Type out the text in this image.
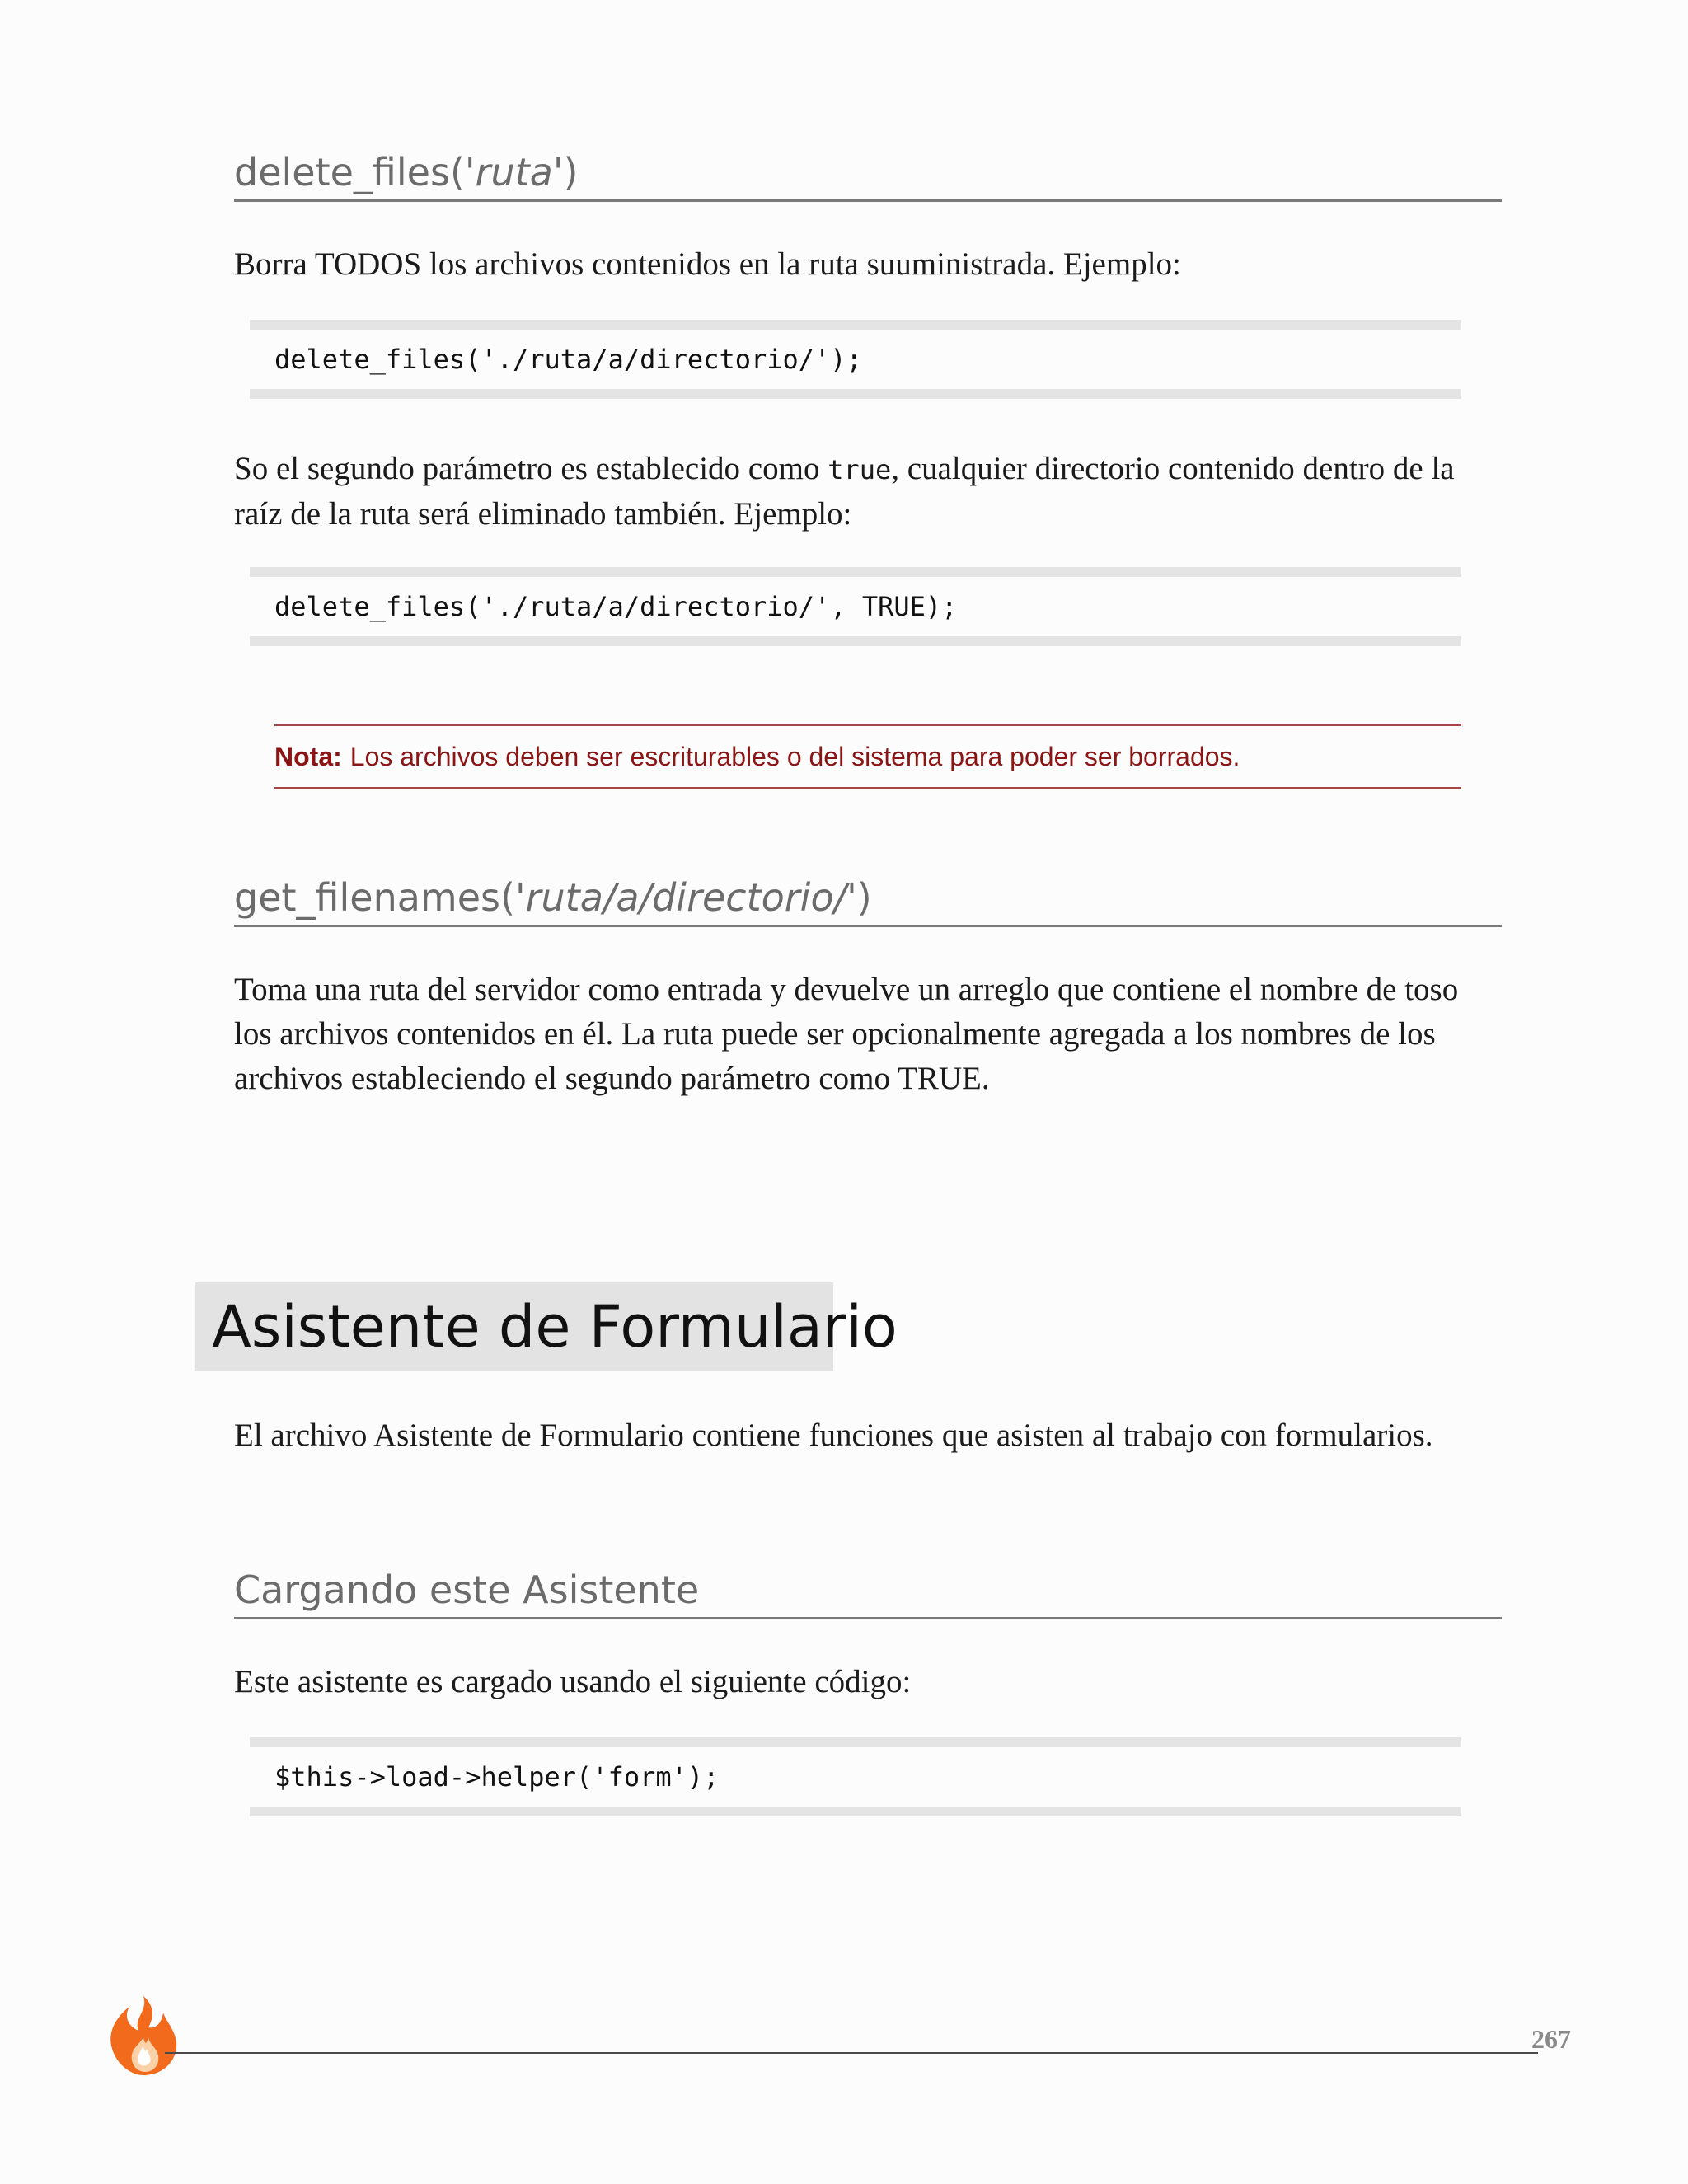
delete_files('ruta')
Borra TODOS los archivos contenidos en la ruta suuministrada. Ejemplo:
delete_files('./ruta/a/directorio/');
So el segundo parámetro es establecido como true, cualquier directorio contenido dentro de la raíz de la ruta será eliminado también. Ejemplo:
delete_files('./ruta/a/directorio/', TRUE);
Nota: Los archivos deben ser escriturables o del sistema para poder ser borrados.
get_filenames('ruta/a/directorio/')
Toma una ruta del servidor como entrada y devuelve un arreglo que contiene el nombre de toso los archivos contenidos en él. La ruta puede ser opcionalmente agregada a los nombres de los archivos estableciendo el segundo parámetro como TRUE.
Asistente de Formulario
El archivo Asistente de Formulario contiene funciones que asisten al trabajo con formularios.
Cargando este Asistente
Este asistente es cargado usando el siguiente código:
$this->load->helper('form');
267
